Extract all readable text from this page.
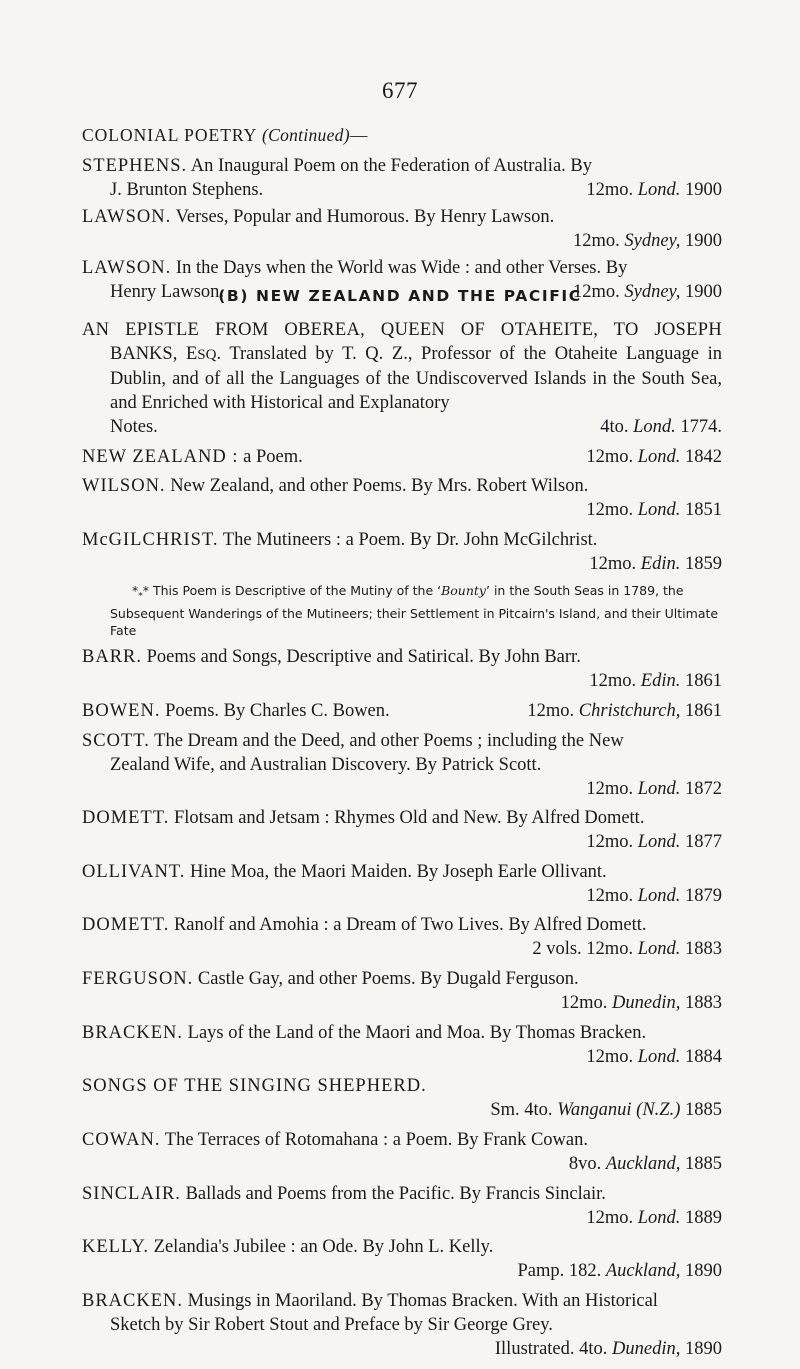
677
COLONIAL POETRY (Continued)—
STEPHENS. An Inaugural Poem on the Federation of Australia. By
J. Brunton Stephens.	12mo. Lond. 1900
LAWSON. Verses, Popular and Humorous. By Henry Lawson.
12mo. Sydney, 1900
LAWSON. In the Days when the World was Wide : and other Verses. By
Henry Lawson.	12mo. Sydney, 1900
(B) NEW ZEALAND AND THE PACIFIC
AN EPISTLE FROM OBEREA, QUEEN OF OTAHEITE, TO JOSEPH
BANKS, ESQ. Translated by T. Q. Z., Professor of the Otaheite Language in Dublin, and of all the Languages of the Undiscoverved Islands in the South Sea, and Enriched with Historical and Explanatory
Notes.	4to. Lond. 1774.
NEW ZEALAND : a Poem.	12mo. Lond. 1842
WILSON. New Zealand, and other Poems. By Mrs. Robert Wilson.
12mo. Lond. 1851
McGILCHRIST. The Mutineers : a Poem. By Dr. John McGilchrist.
12mo. Edin. 1859
$*_**$ This Poem is Descriptive of the Mutiny of the ‘Bounty’ in the South Seas in 1789, the Subsequent Wanderings of the Mutineers; their Settlement in Pitcairn's Island, and their Ultimate Fate
BARR. Poems and Songs, Descriptive and Satirical. By John Barr.
12mo. Edin. 1861
BOWEN. Poems. By Charles C. Bowen.	12mo. Christchurch, 1861
SCOTT. The Dream and the Deed, and other Poems ; including the New
Zealand Wife, and Australian Discovery. By Patrick Scott.
12mo. Lond. 1872
DOMETT. Flotsam and Jetsam : Rhymes Old and New. By Alfred Domett.
12mo. Lond. 1877
OLLIVANT. Hine Moa, the Maori Maiden. By Joseph Earle Ollivant.
12mo. Lond. 1879
DOMETT. Ranolf and Amohia : a Dream of Two Lives. By Alfred Domett.
2 vols. 12mo. Lond. 1883
FERGUSON. Castle Gay, and other Poems. By Dugald Ferguson.
12mo. Dunedin, 1883
BRACKEN. Lays of the Land of the Maori and Moa. By Thomas Bracken.
12mo. Lond. 1884
SONGS OF THE SINGING SHEPHERD.
Sm. 4to. Wanganui (N.Z.) 1885
COWAN. The Terraces of Rotomahana : a Poem. By Frank Cowan.
8vo. Auckland, 1885
SINCLAIR. Ballads and Poems from the Pacific. By Francis Sinclair.
12mo. Lond. 1889
KELLY. Zelandia's Jubilee : an Ode. By John L. Kelly.
Pamp. 182. Auckland, 1890
BRACKEN. Musings in Maoriland. By Thomas Bracken. With an Historical
Sketch by Sir Robert Stout and Preface by Sir George Grey.
Illustrated. 4to. Dunedin, 1890
